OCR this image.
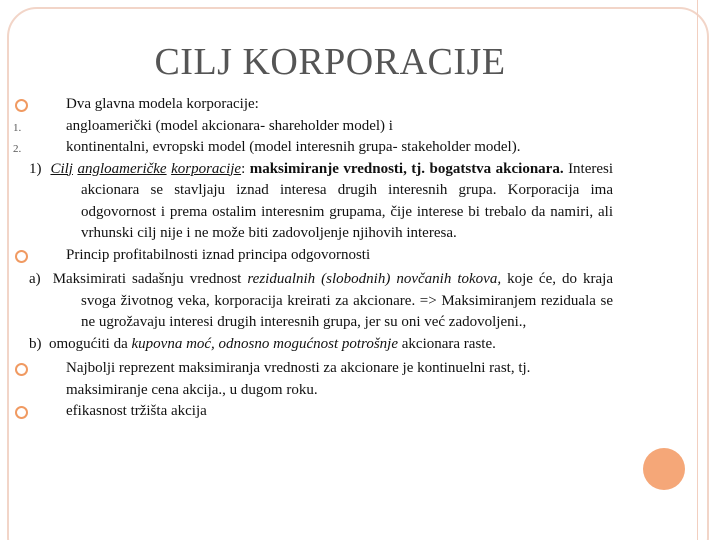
CILJ KORPORACIJE

Dva glavna modela korporacije:

1.	angloamerički (model akcionara- shareholder model) i

2.	kontinentalni, evropski model (model interesnih grupa- stakeholder model).

1) Cilj angloameričke korporacije: maksimiranje vrednosti, tj. bogatstva akcionara. Interesi akcionara se stavljaju iznad interesa drugih interesnih grupa. Korporacija ima odgovornost i prema ostalim interesnim grupama, čije interese bi trebalo da namiri, ali vrhunski cilj nije i ne može biti zadovoljenje njihovih interesa.

Princip profitabilnosti iznad principa odgovornosti

a) Maksimirati sadašnju vrednost rezidualnih (slobodnih) novčanih tokova, koje će, do kraja svoga životnog veka, korporacija kreirati za akcionare. => Maksimiranjem reziduala se ne ugrožavaju interesi drugih interesnih grupa, jer su oni već zadovoljeni.,

b) omogućiti da kupovna moć, odnosno mogućnost potrošnje akcionara raste.

Najbolji reprezent maksimiranja vrednosti za akcionare je kontinuelni rast, tj. maksimiranje cena akcija., u dugom roku.

efikasnost tržišta akcija
